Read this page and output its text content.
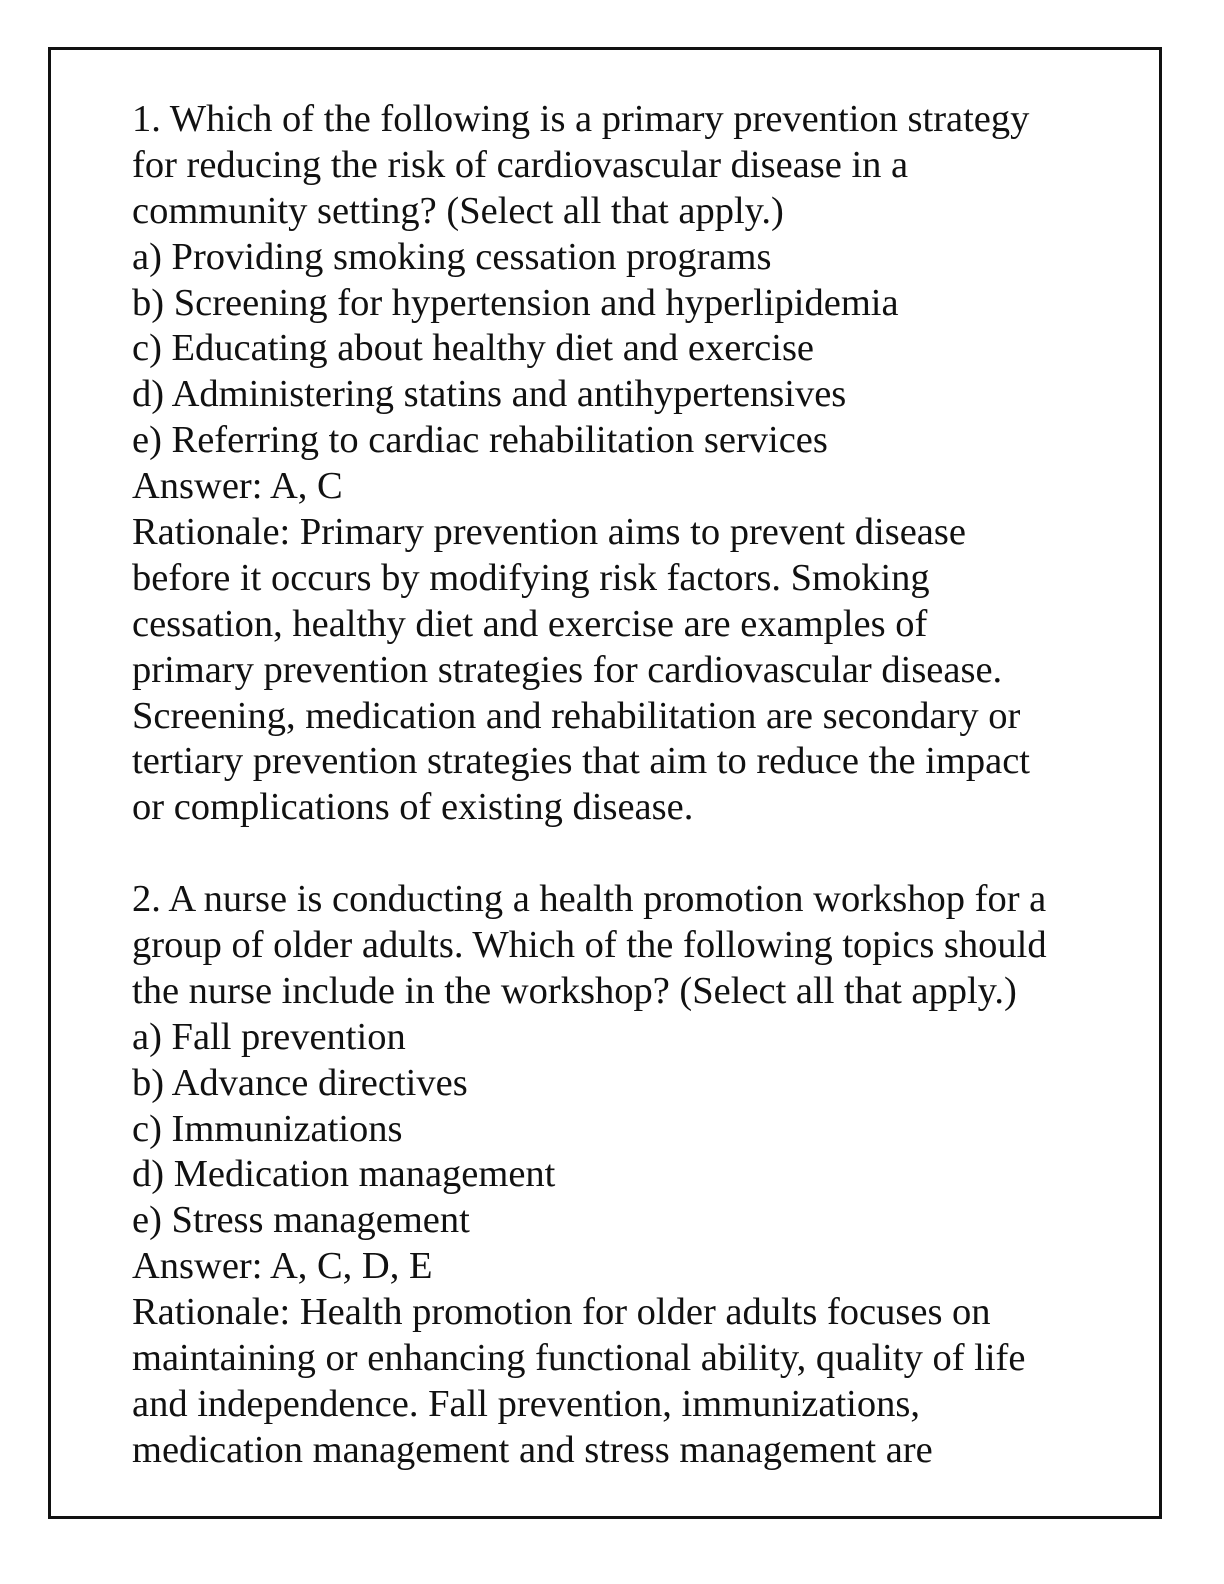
1. Which of the following is a primary prevention strategy
for reducing the risk of cardiovascular disease in a
community setting? (Select all that apply.)
a) Providing smoking cessation programs
b) Screening for hypertension and hyperlipidemia
c) Educating about healthy diet and exercise
d) Administering statins and antihypertensives
e) Referring to cardiac rehabilitation services
Answer: A, C
Rationale: Primary prevention aims to prevent disease
before it occurs by modifying risk factors. Smoking
cessation, healthy diet and exercise are examples of
primary prevention strategies for cardiovascular disease.
Screening, medication and rehabilitation are secondary or
tertiary prevention strategies that aim to reduce the impact
or complications of existing disease.
2. A nurse is conducting a health promotion workshop for a
group of older adults. Which of the following topics should
the nurse include in the workshop? (Select all that apply.)
a) Fall prevention
b) Advance directives
c) Immunizations
d) Medication management
e) Stress management
Answer: A, C, D, E
Rationale: Health promotion for older adults focuses on
maintaining or enhancing functional ability, quality of life
and independence. Fall prevention, immunizations,
medication management and stress management are
